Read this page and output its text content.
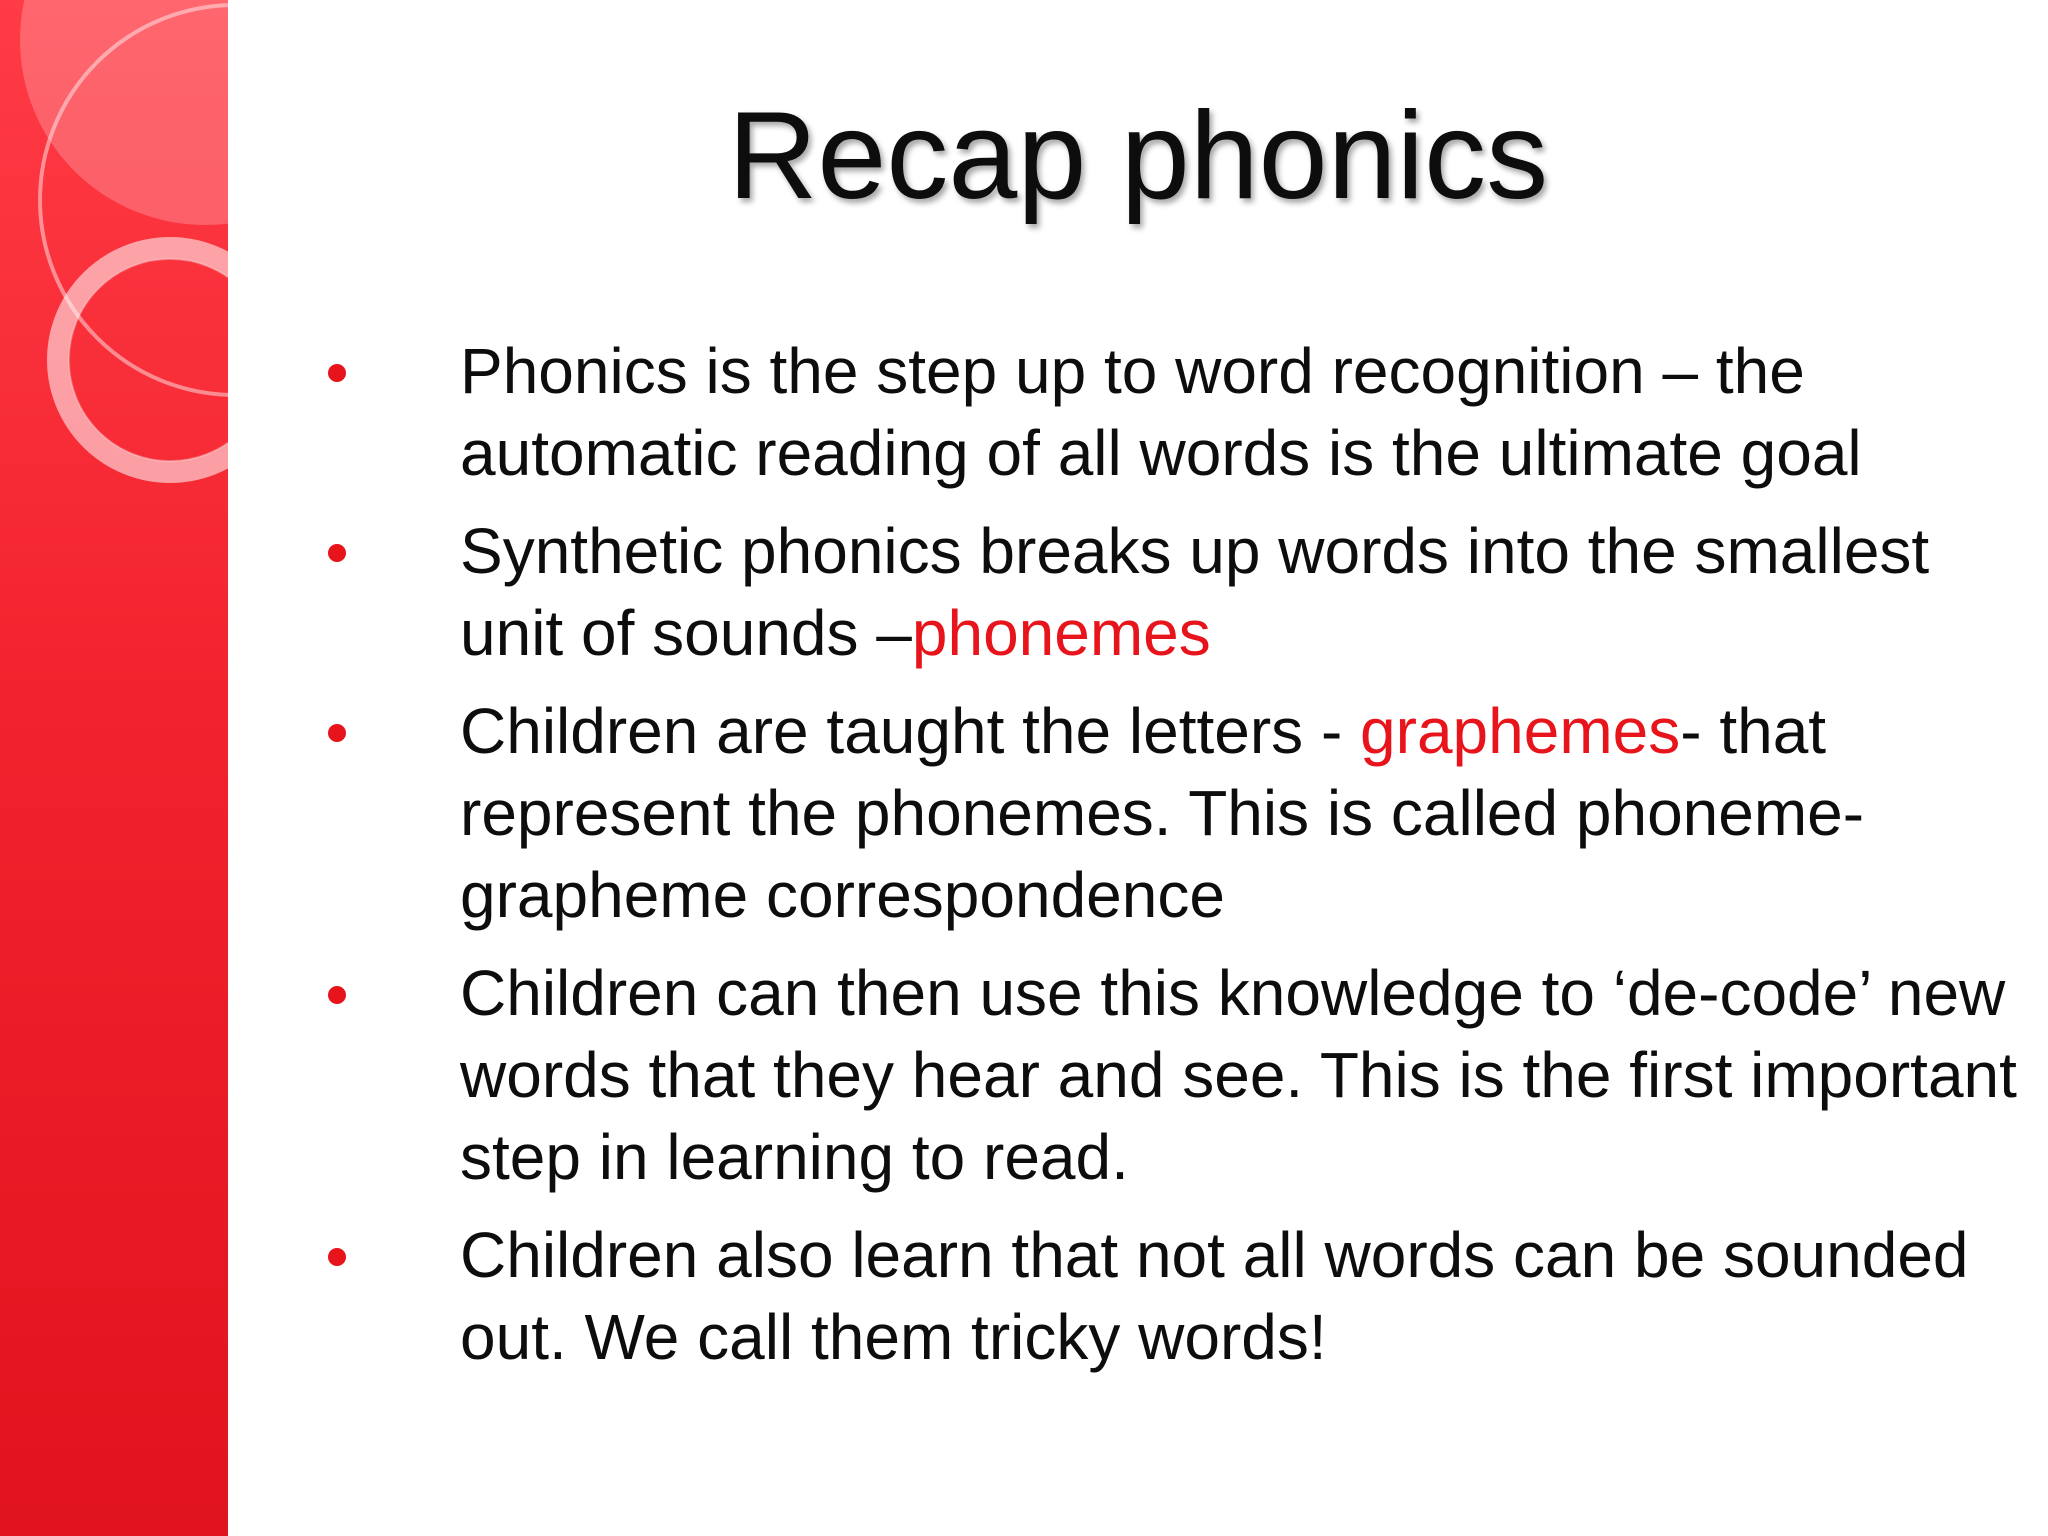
Recap phonics
Phonics is the step up to word recognition – the automatic reading of all words is the ultimate goal
Synthetic phonics breaks up words into the smallest unit of sounds –phonemes
Children are taught the letters - graphemes- that represent the phonemes. This is called phoneme-grapheme correspondence
Children can then use this knowledge to ‘de-code’ new words that they hear and see. This is the first important step in learning to read.
Children also learn that not all words can be sounded out. We call them tricky words!
